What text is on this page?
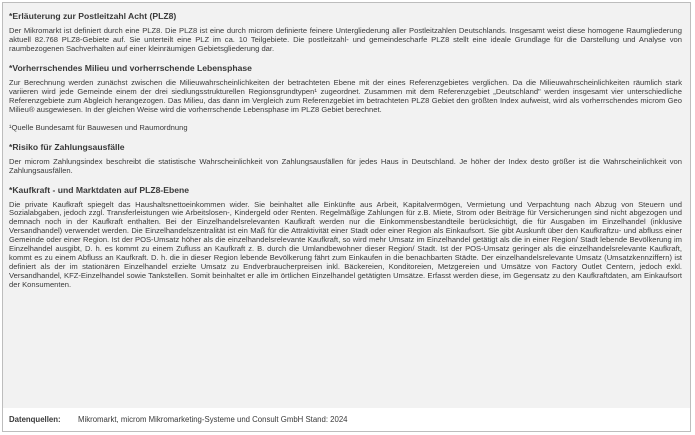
*Erläuterung zur Postleitzahl Acht (PLZ8)

Der Mikromarkt ist definiert durch eine PLZ8. Die PLZ8 ist eine durch microm definierte feinere Untergliederung aller Postleitzahlen Deutschlands. Insgesamt weist diese homogene Raumgliederung aktuell 82.768 PLZ8-Gebiete auf. Sie unterteilt eine PLZ im ca. 10 Teilgebiete. Die postleitzahl- und gemeindescharfe PLZ8 stellt eine ideale Grundlage für die Darstellung und Analyse von raumbezogenen Sachverhalten auf einer kleinräumigen Gebietsgliederung dar.

*Vorherrschendes Milieu und vorherrschende Lebensphase

Zur Berechnung werden zunächst zwischen die Milieuwahrscheinlichkeiten der betrachteten Ebene mit der eines Referenzgebietes verglichen. Da die Milieuwahrscheinlichkeiten räumlich stark variieren wird jede Gemeinde einem der drei siedlungsstrukturellen Regionsgrundtypen¹ zugeordnet. Zusammen mit dem Referenzgebiet „Deutschland" werden insgesamt vier unterschiedliche Referenzgebiete zum Abgleich herangezogen. Das Milieu, das dann im Vergleich zum Referenzgebiet im betrachteten PLZ8 Gebiet den größten Index aufweist, wird als vorherrschendes microm Geo Milieu® ausgewiesen. In der gleichen Weise wird die vorherrschende Lebensphase im PLZ8 Gebiet berechnet.

¹Quelle Bundesamt für Bauwesen und Raumordnung

*Risiko für Zahlungsausfälle

Der microm Zahlungsindex beschreibt die statistische Wahrscheinlichkeit von Zahlungsausfällen für jedes Haus in Deutschland. Je höher der Index desto größer ist die Wahrscheinlichkeit von Zahlungsausfällen.

*Kaufkraft - und Marktdaten auf PLZ8-Ebene

Die private Kaufkraft spiegelt das Haushaltsnettoeinkommen wider. Sie beinhaltet alle Einkünfte aus Arbeit, Kapitalvermögen, Vermietung und Verpachtung nach Abzug von Steuern und Sozialabgaben, jedoch zzgl. Transferleistungen wie Arbeitslosen-, Kindergeld oder Renten. Regelmäßige Zahlungen für z.B. Miete, Strom oder Beiträge für Versicherungen sind nicht abgezogen und demnach noch in der Kaufkraft enthalten. Bei der Einzelhandelsrelevanten Kaufkraft werden nur die Einkommensbestandteile berücksichtigt, die für Ausgaben im Einzelhandel (inklusive Versandhandel) verwendet werden. Die Einzelhandelszentralität ist ein Maß für die Attraktivität einer Stadt oder einer Region als Einkaufsort. Sie gibt Auskunft über den Kaufkraftzu- und abfluss einer Gemeinde oder einer Region. Ist der POS-Umsatz höher als die einzelhandelsrelevante Kaufkraft, so wird mehr Umsatz im Einzelhandel getätigt als die in einer Region/ Stadt lebende Bevölkerung im Einzelhandel ausgibt, D. h. es kommt zu einem Zufluss an Kaufkraft z. B. durch die Umlandbewohner dieser Region/ Stadt. Ist der POS-Umsatz geringer als die einzelhandelsrelevante Kaufkraft, kommt es zu einem Abfluss an Kaufkraft. D. h. die in dieser Region lebende Bevölkerung fährt zum Einkaufen in die benachbarten Städte. Der einzelhandelsrelevante Umsatz (Umsatzkennziffern) ist definiert als der im stationären Einzelhandel erzielte Umsatz zu Endverbraucherpreisen inkl. Bäckereien, Konditoreien, Metzgereien und Umsätze von Factory Outlet Centern, jedoch exkl. Versandhandel, KFZ-Einzelhandel sowie Tankstellen. Somit beinhaltet er alle im örtlichen Einzelhandel getätigten Umsätze. Erfasst werden diese, im Gegensatz zu den Kaufkraftdaten, am Einkaufsort der Konsumenten.

Datenquellen:	Mikromarkt, microm Mikromarketing-Systeme und Consult GmbH Stand: 2024
